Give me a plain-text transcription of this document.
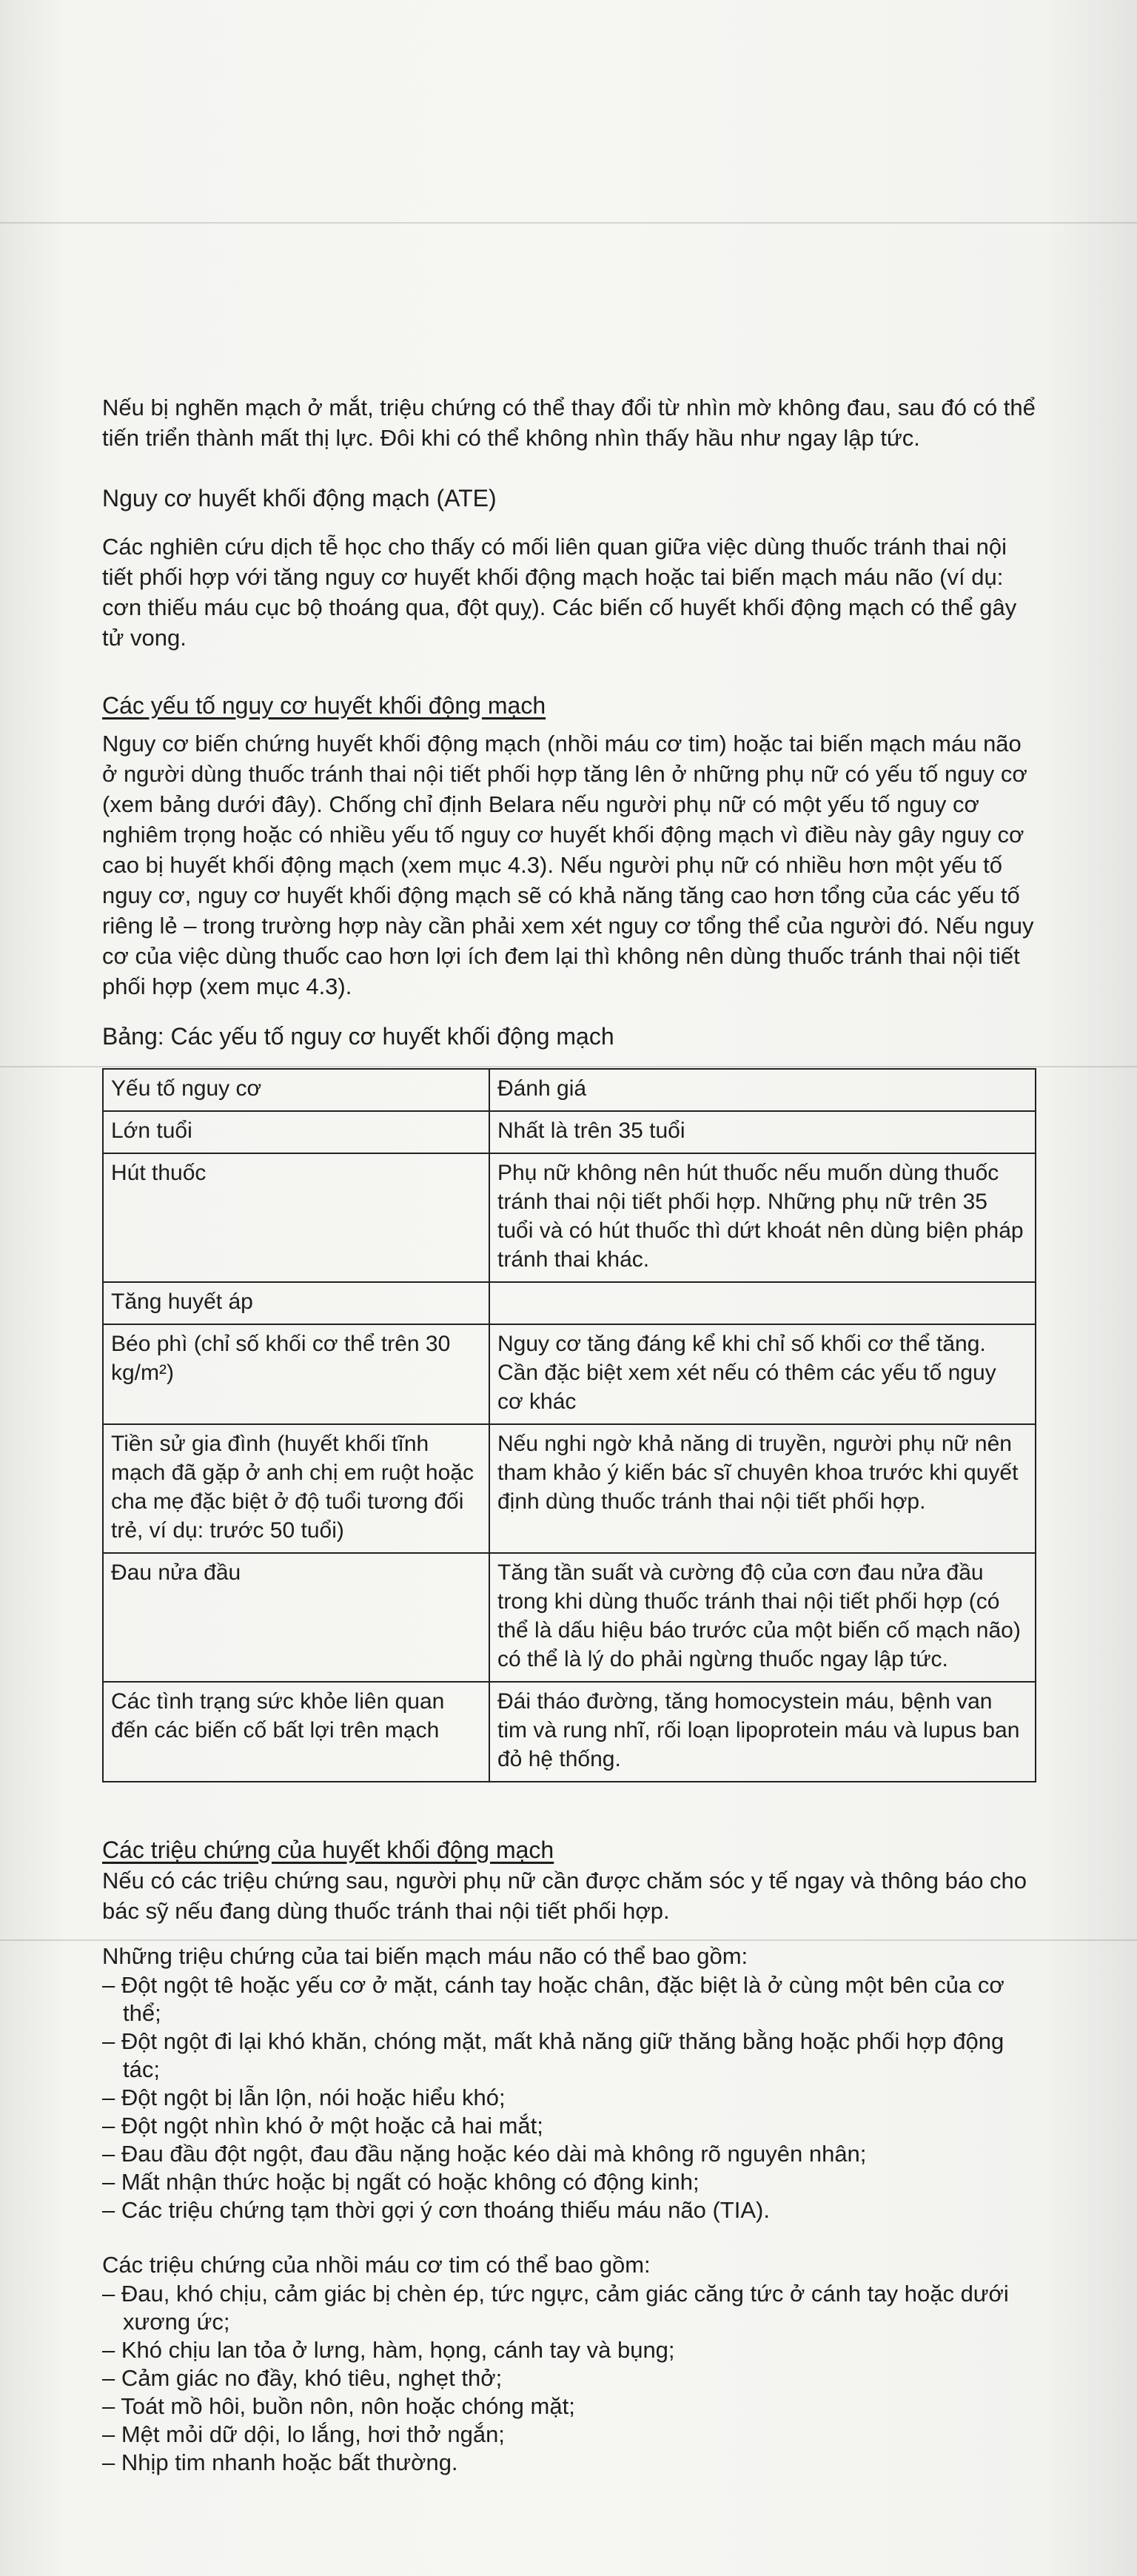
Nếu bị nghẽn mạch ở mắt, triệu chứng có thể thay đổi từ nhìn mờ không đau, sau đó có thể tiến triển thành mất thị lực. Đôi khi có thể không nhìn thấy hầu như ngay lập tức.

Nguy cơ huyết khối động mạch (ATE)

Các nghiên cứu dịch tễ học cho thấy có mối liên quan giữa việc dùng thuốc tránh thai nội tiết phối hợp với tăng nguy cơ huyết khối động mạch hoặc tai biến mạch máu não (ví dụ: cơn thiếu máu cục bộ thoáng qua, đột quỵ). Các biến cố huyết khối động mạch có thể gây tử vong.

Các yếu tố nguy cơ huyết khối động mạch

Nguy cơ biến chứng huyết khối động mạch (nhồi máu cơ tim) hoặc tai biến mạch máu não ở người dùng thuốc tránh thai nội tiết phối hợp tăng lên ở những phụ nữ có yếu tố nguy cơ (xem bảng dưới đây). Chống chỉ định Belara nếu người phụ nữ có một yếu tố nguy cơ nghiêm trọng hoặc có nhiều yếu tố nguy cơ huyết khối động mạch vì điều này gây nguy cơ cao bị huyết khối động mạch (xem mục 4.3). Nếu người phụ nữ có nhiều hơn một yếu tố nguy cơ, nguy cơ huyết khối động mạch sẽ có khả năng tăng cao hơn tổng của các yếu tố riêng lẻ – trong trường hợp này cần phải xem xét nguy cơ tổng thể của người đó. Nếu nguy cơ của việc dùng thuốc cao hơn lợi ích đem lại thì không nên dùng thuốc tránh thai nội tiết phối hợp (xem mục 4.3).

Bảng: Các yếu tố nguy cơ huyết khối động mạch

Yếu tố nguy cơ	Đánh giá
Lớn tuổi	Nhất là trên 35 tuổi
Hút thuốc	Phụ nữ không nên hút thuốc nếu muốn dùng thuốc tránh thai nội tiết phối hợp. Những phụ nữ trên 35 tuổi và có hút thuốc thì dứt khoát nên dùng biện pháp tránh thai khác.
Tăng huyết áp	
Béo phì (chỉ số khối cơ thể trên 30 kg/m²)	Nguy cơ tăng đáng kể khi chỉ số khối cơ thể tăng. Cần đặc biệt xem xét nếu có thêm các yếu tố nguy cơ khác
Tiền sử gia đình (huyết khối tĩnh mạch đã gặp ở anh chị em ruột hoặc cha mẹ đặc biệt ở độ tuổi tương đối trẻ, ví dụ: trước 50 tuổi)	Nếu nghi ngờ khả năng di truyền, người phụ nữ nên tham khảo ý kiến bác sĩ chuyên khoa trước khi quyết định dùng thuốc tránh thai nội tiết phối hợp.
Đau nửa đầu	Tăng tần suất và cường độ của cơn đau nửa đầu trong khi dùng thuốc tránh thai nội tiết phối hợp (có thể là dấu hiệu báo trước của một biến cố mạch não) có thể là lý do phải ngừng thuốc ngay lập tức.
Các tình trạng sức khỏe liên quan đến các biến cố bất lợi trên mạch	Đái tháo đường, tăng homocystein máu, bệnh van tim và rung nhĩ, rối loạn lipoprotein máu và lupus ban đỏ hệ thống.

Các triệu chứng của huyết khối động mạch

Nếu có các triệu chứng sau, người phụ nữ cần được chăm sóc y tế ngay và thông báo cho bác sỹ nếu đang dùng thuốc tránh thai nội tiết phối hợp.

Những triệu chứng của tai biến mạch máu não có thể bao gồm:

– Đột ngột tê hoặc yếu cơ ở mặt, cánh tay hoặc chân, đặc biệt là ở cùng một bên của cơ thể;
– Đột ngột đi lại khó khăn, chóng mặt, mất khả năng giữ thăng bằng hoặc phối hợp động tác;
– Đột ngột bị lẫn lộn, nói hoặc hiểu khó;
– Đột ngột nhìn khó ở một hoặc cả hai mắt;
– Đau đầu đột ngột, đau đầu nặng hoặc kéo dài mà không rõ nguyên nhân;
– Mất nhận thức hoặc bị ngất có hoặc không có động kinh;
– Các triệu chứng tạm thời gợi ý cơn thoáng thiếu máu não (TIA).

Các triệu chứng của nhồi máu cơ tim có thể bao gồm:

– Đau, khó chịu, cảm giác bị chèn ép, tức ngực, cảm giác căng tức ở cánh tay hoặc dưới xương ức;
– Khó chịu lan tỏa ở lưng, hàm, họng, cánh tay và bụng;
– Cảm giác no đầy, khó tiêu, nghẹt thở;
– Toát mồ hôi, buồn nôn, nôn hoặc chóng mặt;
– Mệt mỏi dữ dội, lo lắng, hơi thở ngắn;
– Nhịp tim nhanh hoặc bất thường.
